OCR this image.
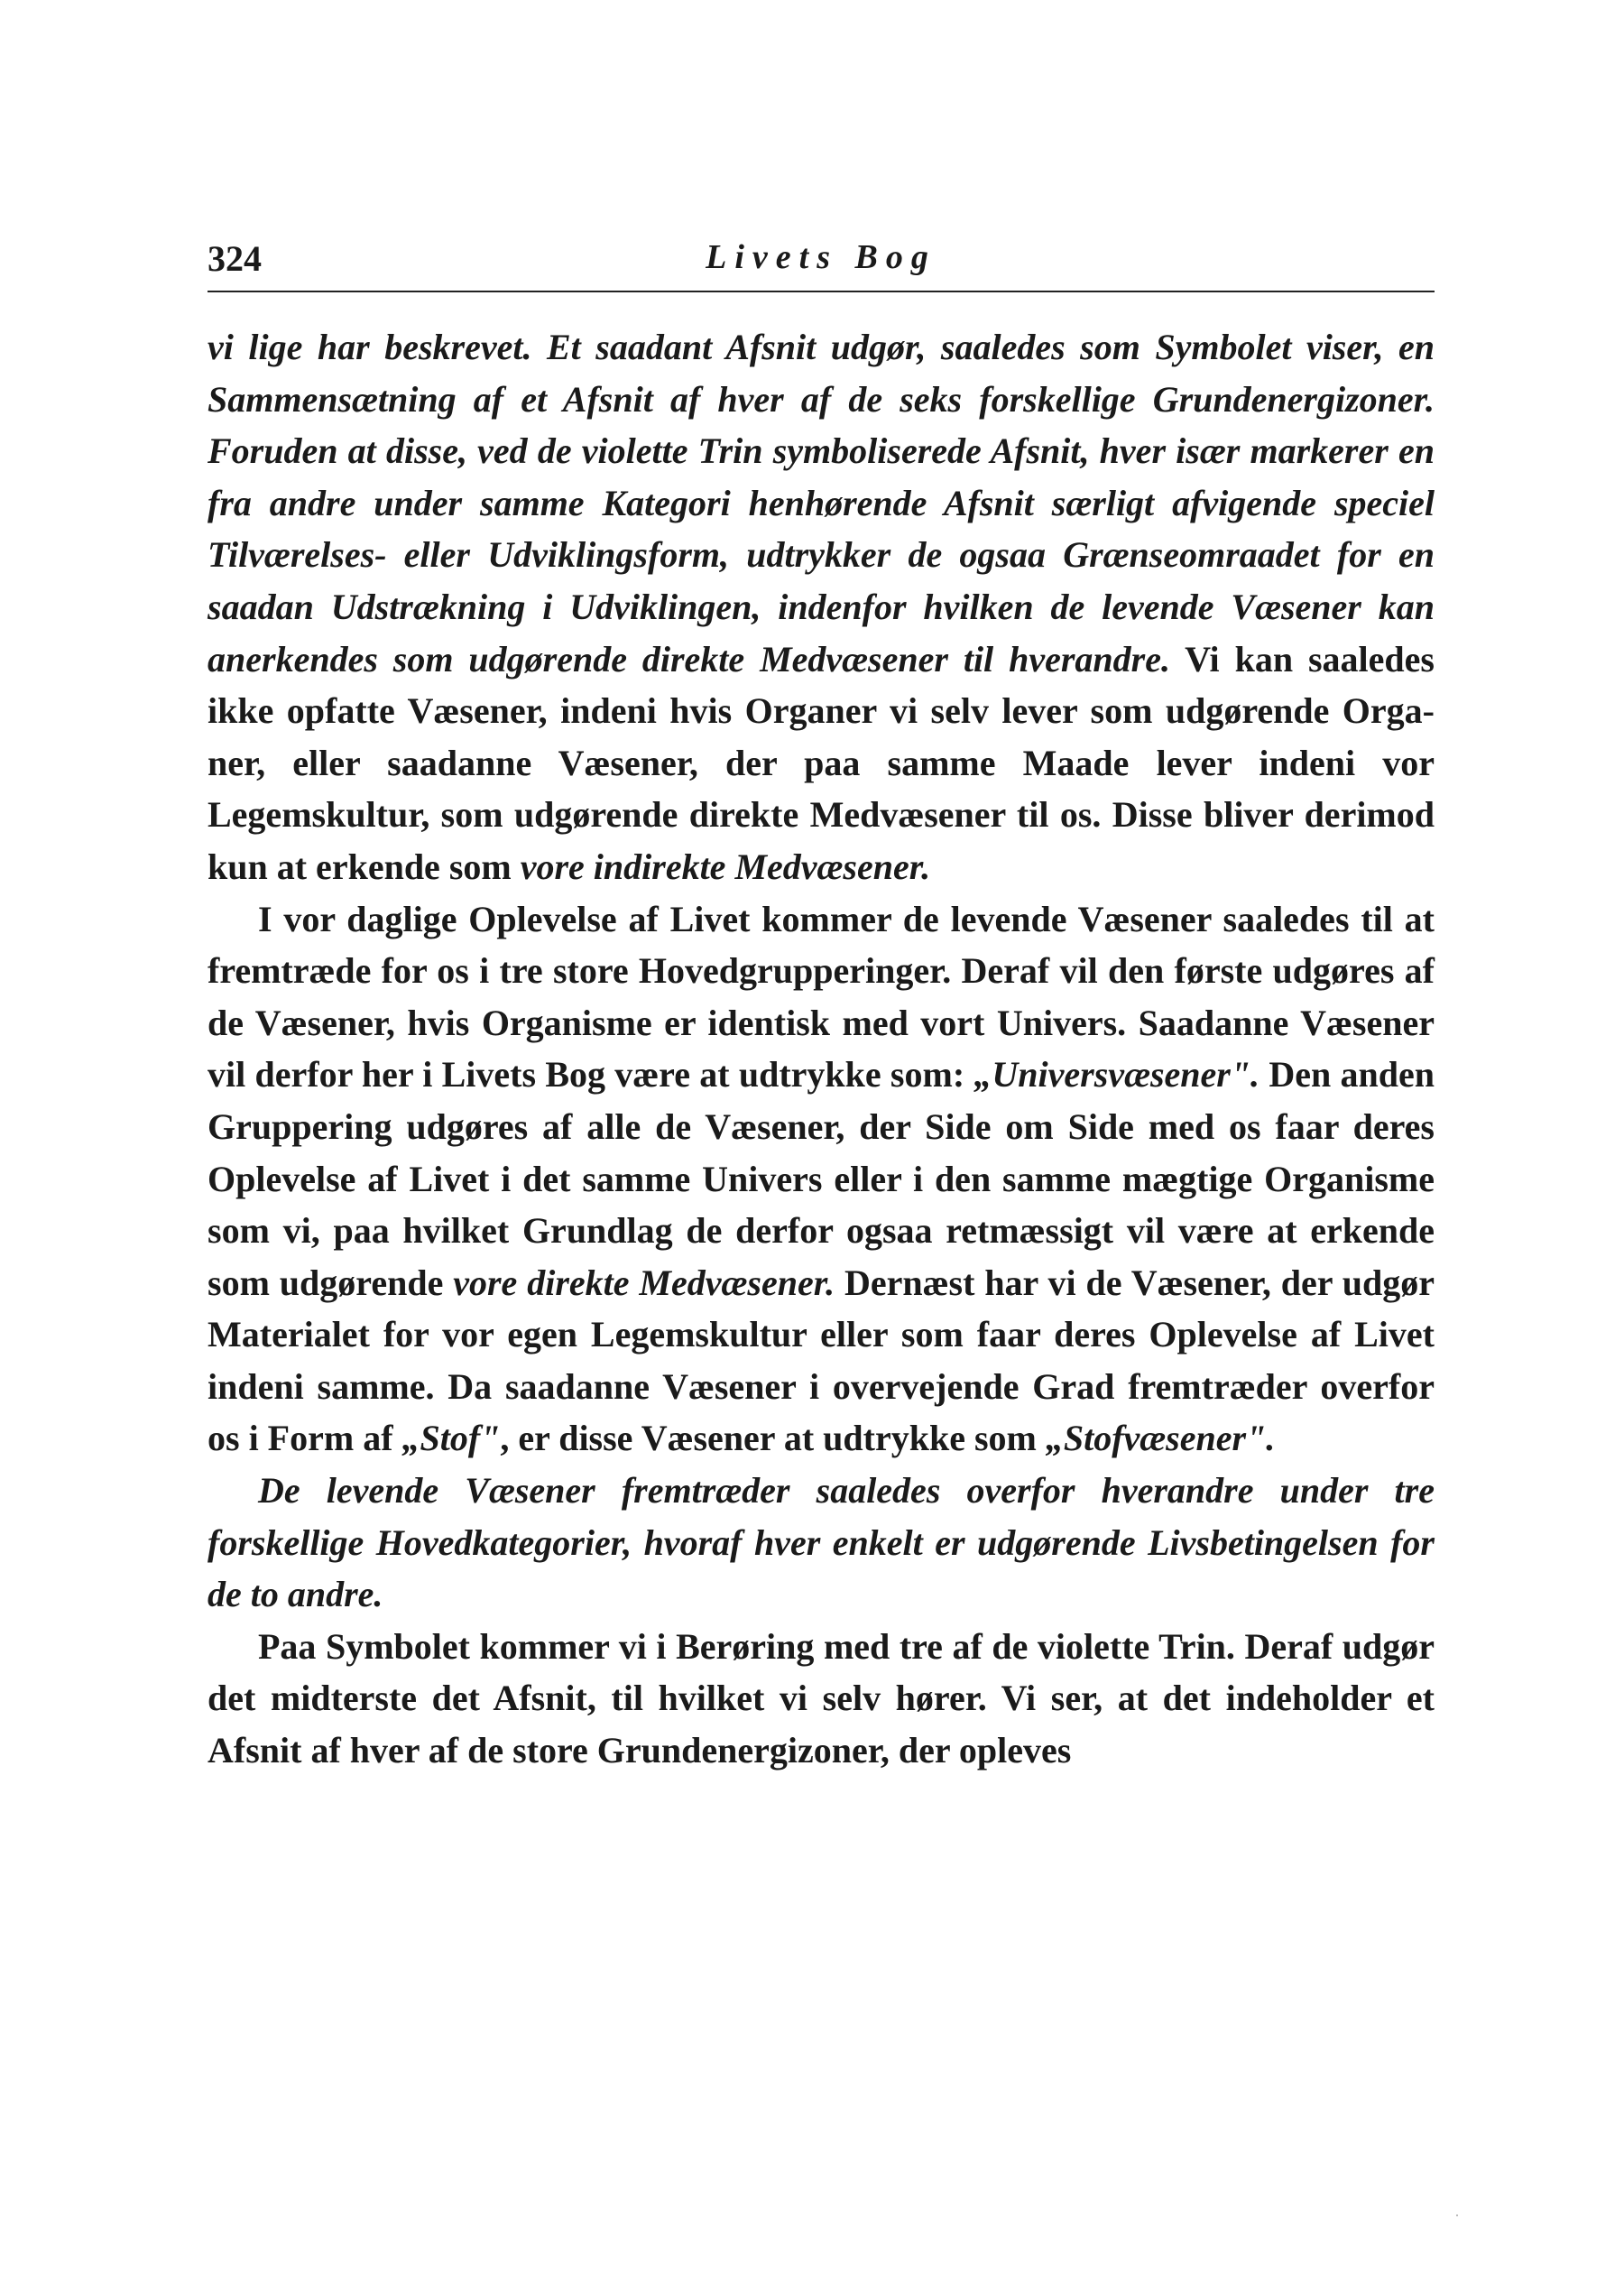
324	Livets Bog

vi lige har beskrevet. Et saadant Afsnit udgør, saaledes som Symbolet viser, en Sammensætning af et Afsnit af hver af de seks forskellige Grundenergizoner. Foruden at disse, ved de violette Trin symboliserede Afsnit, hver især markerer en fra andre under samme Kategori henhørende Afsnit særligt afvigende speciel Tilværelses- eller Udviklingsform, udtrykker de ogsaa Grænseomraadet for en saadan Udstrækning i Udviklingen, indenfor hvilken de levende Væsener kan anerkendes som udgørende direkte Medvæsener til hverandre. Vi kan saaledes ikke opfatte Væsener, indeni hvis Organer vi selv lever som udgørende Organer, eller saadanne Væsener, der paa samme Maade lever indeni vor Legemskultur, som udgørende direkte Medvæsener til os. Disse bliver derimod kun at erkende som vore indirekte Medvæsener.

I vor daglige Oplevelse af Livet kommer de levende Væsener saaledes til at fremtræde for os i tre store Hovedgrupperinger. Deraf vil den første udgøres af de Væsener, hvis Organisme er identisk med vort Univers. Saadanne Væsener vil derfor her i Livets Bog være at udtrykke som: „Universvæsener". Den anden Gruppering udgøres af alle de Væsener, der Side om Side med os faar deres Oplevelse af Livet i det samme Univers eller i den samme mægtige Organisme som vi, paa hvilket Grundlag de derfor ogsaa retmæssigt vil være at erkende som udgørende vore direkte Medvæsener. Dernæst har vi de Væsener, der udgør Materialet for vor egen Legemskultur eller som faar deres Oplevelse af Livet indeni samme. Da saadanne Væsener i overvejende Grad fremtræder overfor os i Form af „Stof", er disse Væsener at udtrykke som „Stofvæsener".

De levende Væsener fremtræder saaledes overfor hverandre under tre forskellige Hovedkategorier, hvoraf hver enkelt er udgørende Livsbetingelsen for de to andre.

Paa Symbolet kommer vi i Berøring med tre af de violette Trin. Deraf udgør det midterste det Afsnit, til hvilket vi selv hører. Vi ser, at det indeholder et Afsnit af hver af de store Grundenergizoner, der opleves
